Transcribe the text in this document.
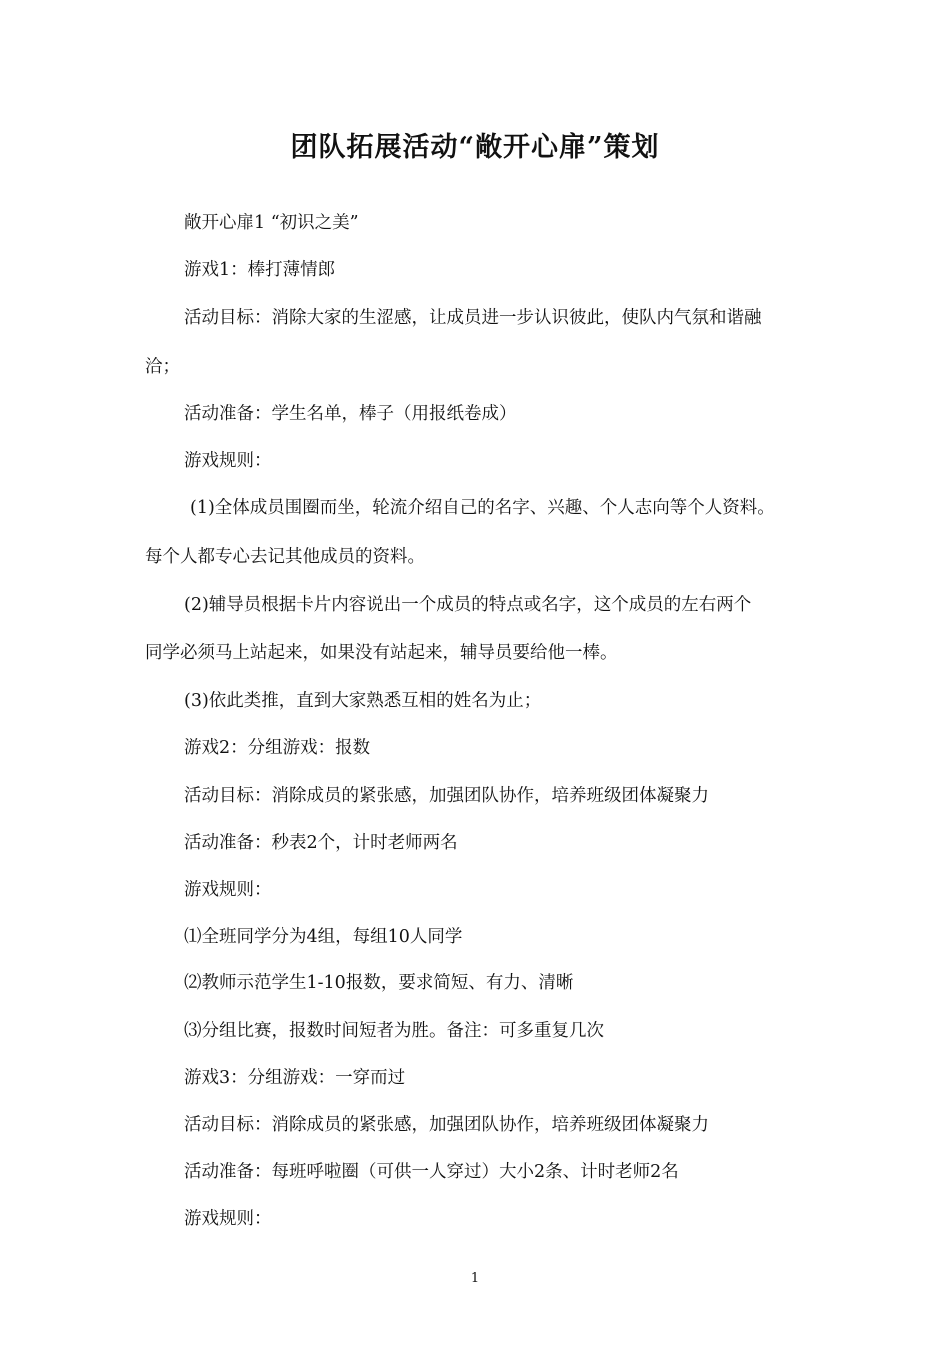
团队拓展活动“敞开心扉”策划

敞开心扉1 “初识之美”

游戏1：棒打薄情郎

活动目标：消除大家的生涩感，让成员进一步认识彼此，使队内气氛和谐融

洽；

活动准备：学生名单，棒子（用报纸卷成）

游戏规则：

(1)全体成员围圈而坐，轮流介绍自己的名字、兴趣、个人志向等个人资料。

每个人都专心去记其他成员的资料。

(2)辅导员根据卡片内容说出一个成员的特点或名字，这个成员的左右两个

同学必须马上站起来，如果没有站起来，辅导员要给他一棒。

(3)依此类推，直到大家熟悉互相的姓名为止；

游戏2：分组游戏：报数

活动目标：消除成员的紧张感，加强团队协作，培养班级团体凝聚力

活动准备：秒表2个，计时老师两名

游戏规则：

⑴全班同学分为4组，每组10人同学

⑵教师示范学生1-10报数，要求简短、有力、清晰

⑶分组比赛，报数时间短者为胜。备注：可多重复几次

游戏3：分组游戏：一穿而过

活动目标：消除成员的紧张感，加强团队协作，培养班级团体凝聚力

活动准备：每班呼啦圈（可供一人穿过）大小2条、计时老师2名

游戏规则：

1
